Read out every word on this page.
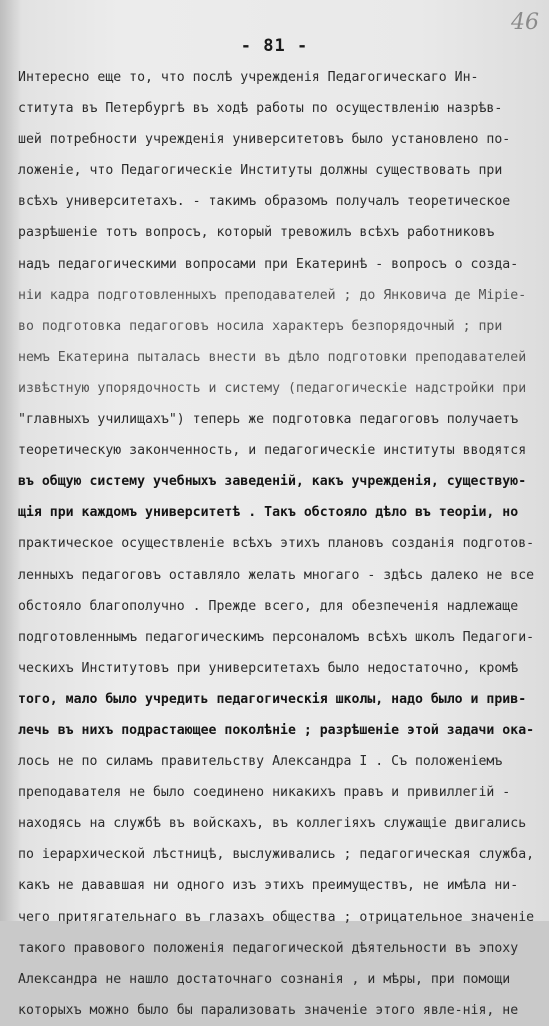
46
- 81 -
Интересно еще то, что послѣ учрежденія Педагогическаго Ин-
ститута въ Петербургѣ въ ходѣ работы по осуществленію назрѣв-
шей потребности учрежденія университетовъ было установлено по-
ложеніе, что Педагогическіе Институты должны существовать при
всѣхъ университетахъ. - такимъ образомъ получалъ теоретическое
разрѣшеніе тотъ вопросъ, который тревожилъ всѣхъ работниковъ
надъ педагогическими вопросами при Екатеринѣ - вопросъ о созда-
ніи кадра подготовленныхъ преподавателей ; до Янковича де Міріе-
во подготовка педагоговъ носила характеръ безпорядочный ; при
немъ Екатерина пыталась внести въ дѣло подготовки преподавателей
извѣстную упорядочность и систему (педагогическіе надстройки при
"главныхъ училищахъ") теперь же подготовка педагоговъ получаетъ
теоретическую законченность, и педагогическіе институты вводятся
въ общую систему учебныхъ заведеній, какъ учрежденія, существую-
щія при каждомъ университетѣ . Такъ обстояло дѣло въ теоріи, но
практическое осуществленіе всѣхъ этихъ плановъ созданія подготов-
ленныхъ педагоговъ оставляло желать многаго - здѣсь далеко не все
обстояло благополучно . Прежде всего, для обезпеченія надлежаще
подготовленнымъ педагогическимъ персоналомъ всѣхъ школъ Педагоги-
ческихъ Институтовъ при университетахъ было недостаточно, кромѣ
того, мало было учредить педагогическія школы, надо было и прив-
лечь въ нихъ подрастающее поколѣніе ; разрѣшеніе этой задачи ока-
лось не по силамъ правительству Александра I . Съ положеніемъ
преподавателя не было соединено никакихъ правъ и привиллегій -
находясь на службѣ въ войскахъ, въ коллегіяхъ служащіе двигались
по іерархической лѣстницѣ, выслуживались ; педагогическая служба,
какъ не дававшая ни одного изъ этихъ преимуществъ, не имѣла ни-
чего притягательнаго въ глазахъ общества ; отрицательное значеніе
такого правового положенія педагогической дѣятельности въ эпоху
Александра не нашло достаточнаго сознанія , и мѣры, при помощи
которыхъ можно было бы парализовать значеніе этого явле-нія, не
